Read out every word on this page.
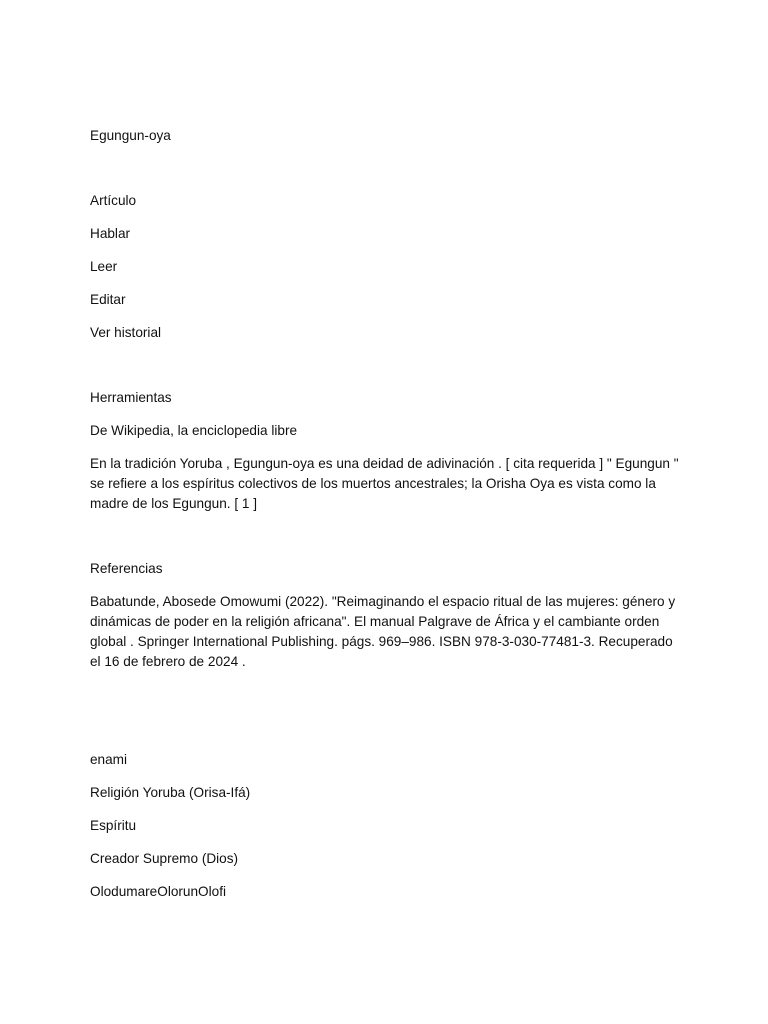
Egungun-oya

Artículo

Hablar

Leer

Editar

Ver historial

Herramientas

De Wikipedia, la enciclopedia libre

En la tradición Yoruba , Egungun-oya es una deidad de adivinación . [ cita requerida ] " Egungun " se refiere a los espíritus colectivos de los muertos ancestrales; la Orisha Oya es vista como la madre de los Egungun. [ 1 ]

Referencias

Babatunde, Abosede Omowumi (2022). "Reimaginando el espacio ritual de las mujeres: género y dinámicas de poder en la religión africana". El manual Palgrave de África y el cambiante orden global . Springer International Publishing. págs. 969–986. ISBN 978-3-030-77481-3. Recuperado el 16 de febrero de 2024 .

enami

Religión Yoruba (Orisa-Ifá)

Espíritu

Creador Supremo (Dios)

OlodumareOlorunOlofi
